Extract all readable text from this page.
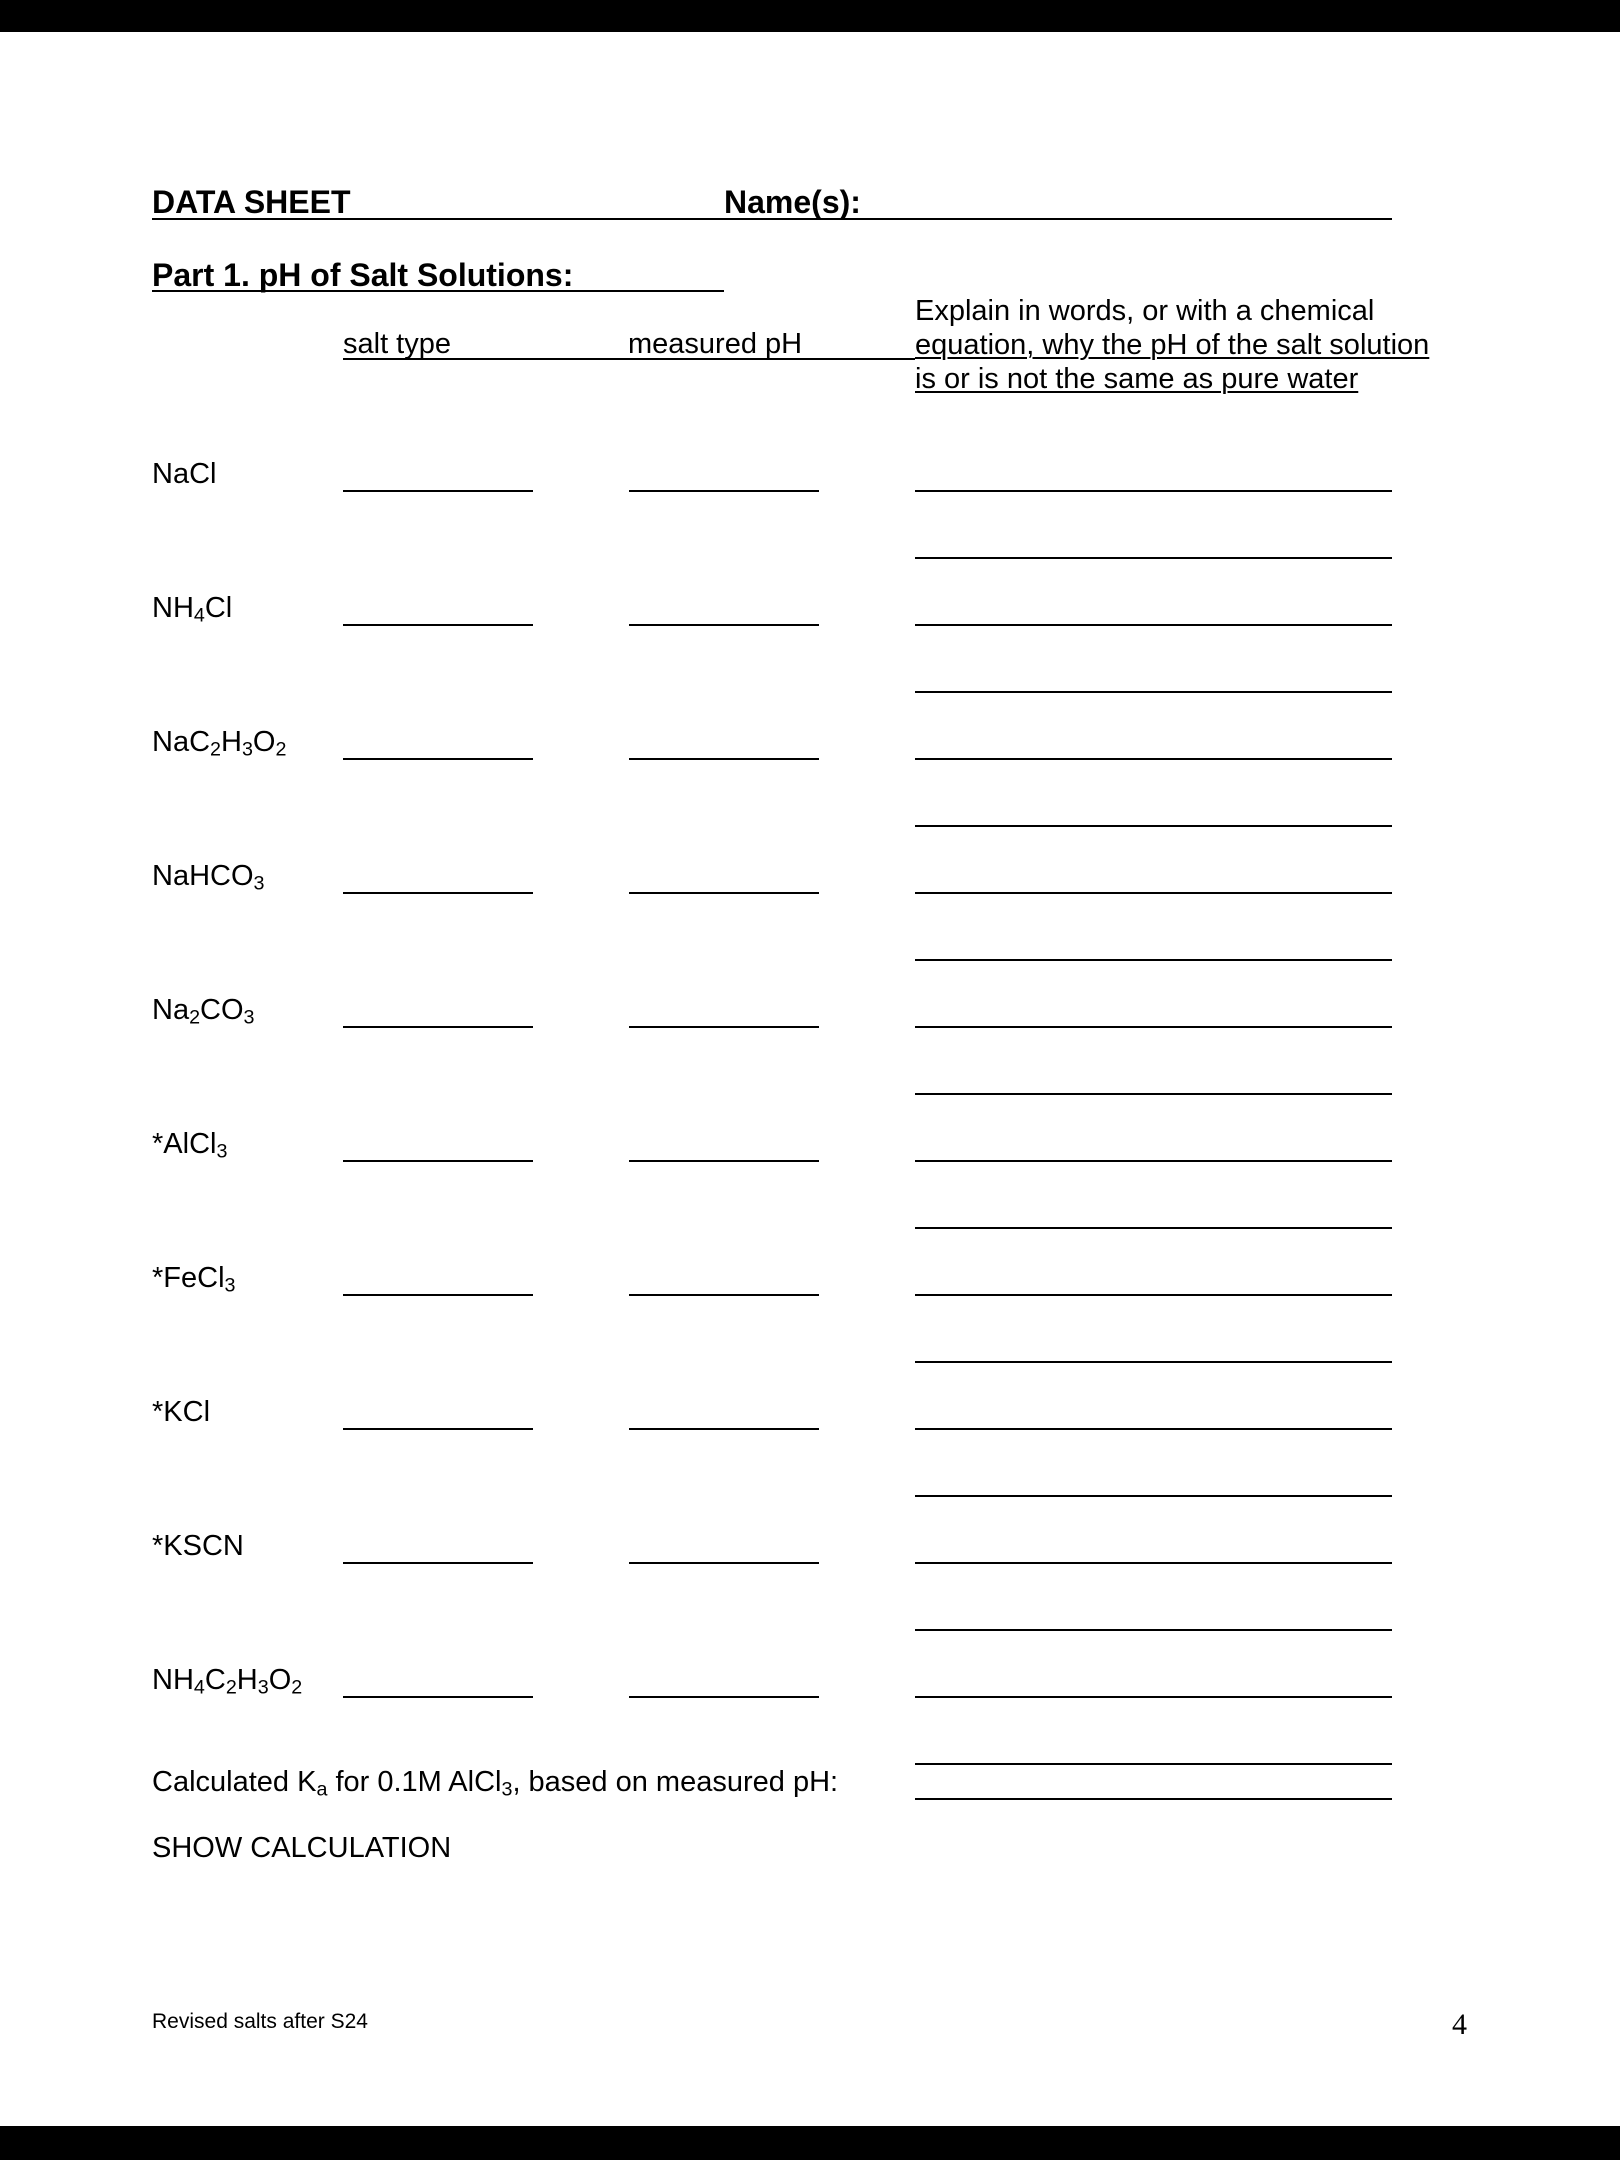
DATA SHEET	Name(s):
Part 1. pH of Salt Solutions:
salt type	measured pH
Explain in words, or with a chemical
equation, why the pH of the salt solution
is or is not the same as pure water
NaCl
$NH_4Cl$
$NaC_2H_3O_2$
NaHCO$_3$
$Na_2CO_3$
*AlCl$_3$
*FeCl$_3$
*KCl
*KSCN
$NH_4C_2H_3O_2$
Calculated $K_a$ for 0.1M AlCl$_3$, based on measured pH:
SHOW CALCULATION
Revised salts after S24	4
